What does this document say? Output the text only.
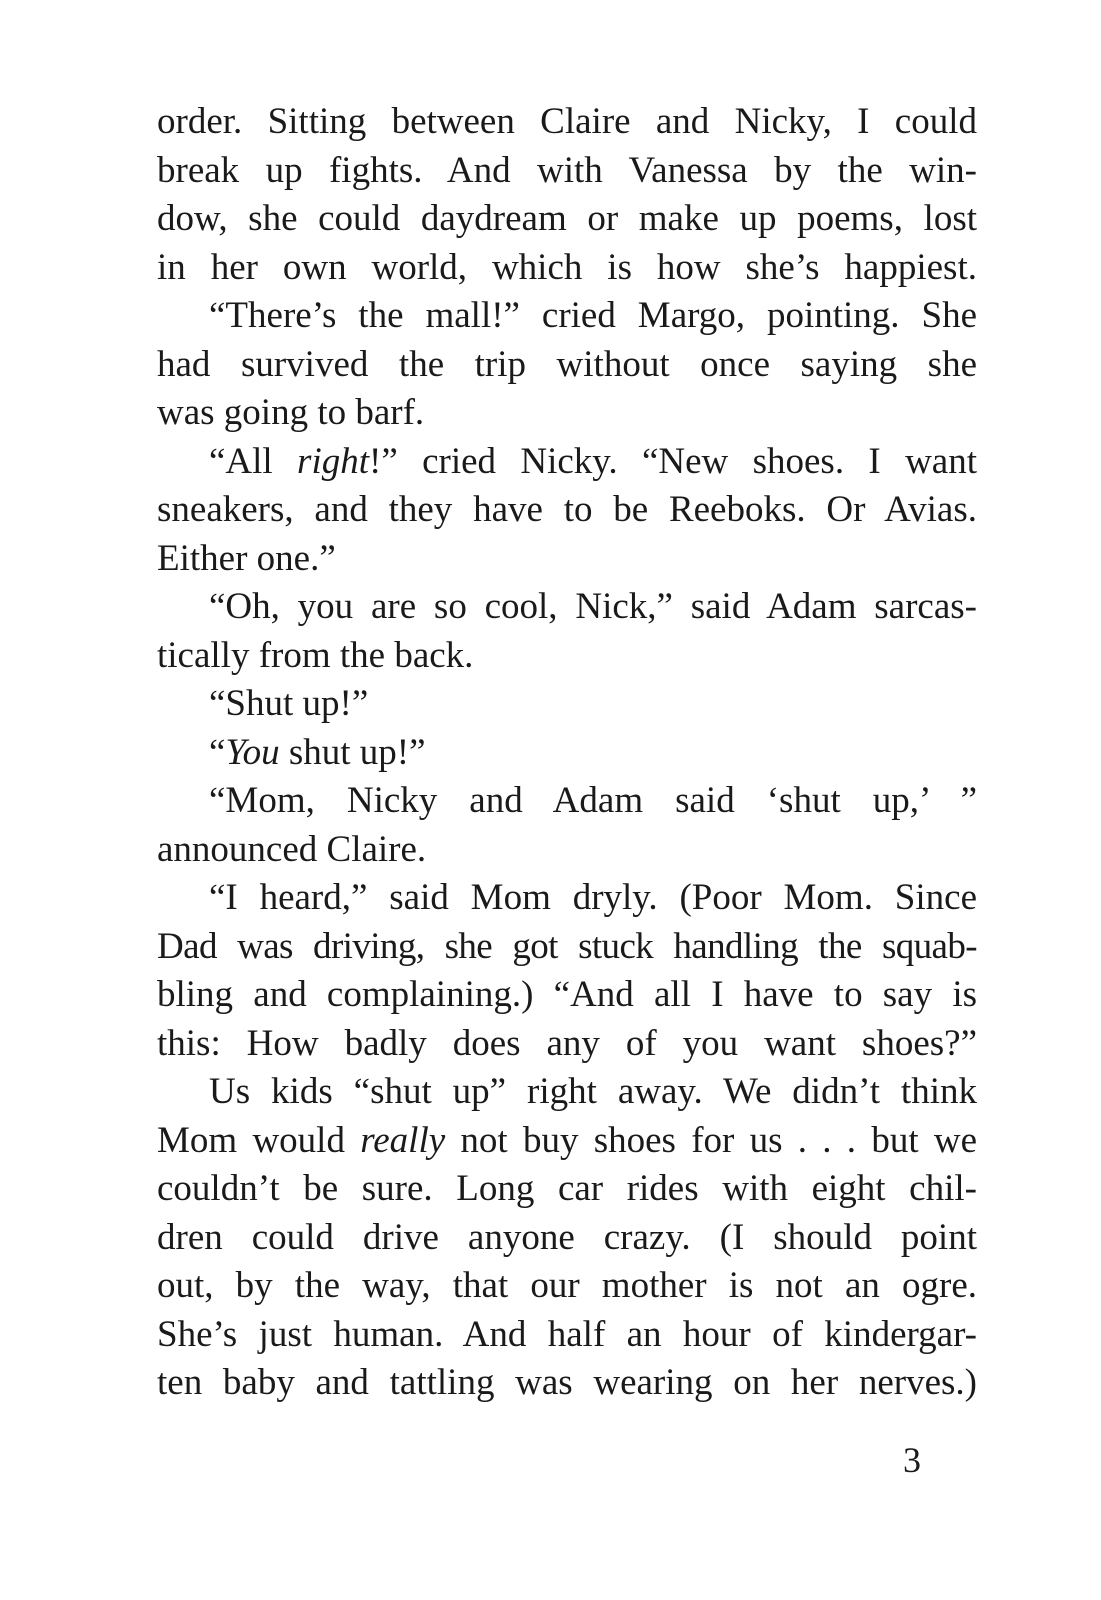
order. Sitting between Claire and Nicky, I could
break up fights. And with Vanessa by the win-
dow, she could daydream or make up poems, lost
in her own world, which is how she’s happiest.
“There’s the mall!” cried Margo, pointing. She
had survived the trip without once saying she
was going to barf.
“All right!” cried Nicky. “New shoes. I want
sneakers, and they have to be Reeboks. Or Avias.
Either one.”
“Oh, you are so cool, Nick,” said Adam sarcas-
tically from the back.
“Shut up!”
“You shut up!”
“Mom, Nicky and Adam said ‘shut up,’ ”
announced Claire.
“I heard,” said Mom dryly. (Poor Mom. Since
Dad was driving, she got stuck handling the squab-
bling and complaining.) “And all I have to say is
this: How badly does any of you want shoes?”
Us kids “shut up” right away. We didn’t think
Mom would really not buy shoes for us . . . but we
couldn’t be sure. Long car rides with eight chil-
dren could drive anyone crazy. (I should point
out, by the way, that our mother is not an ogre.
She’s just human. And half an hour of kindergar-
ten baby and tattling was wearing on her nerves.)
3
